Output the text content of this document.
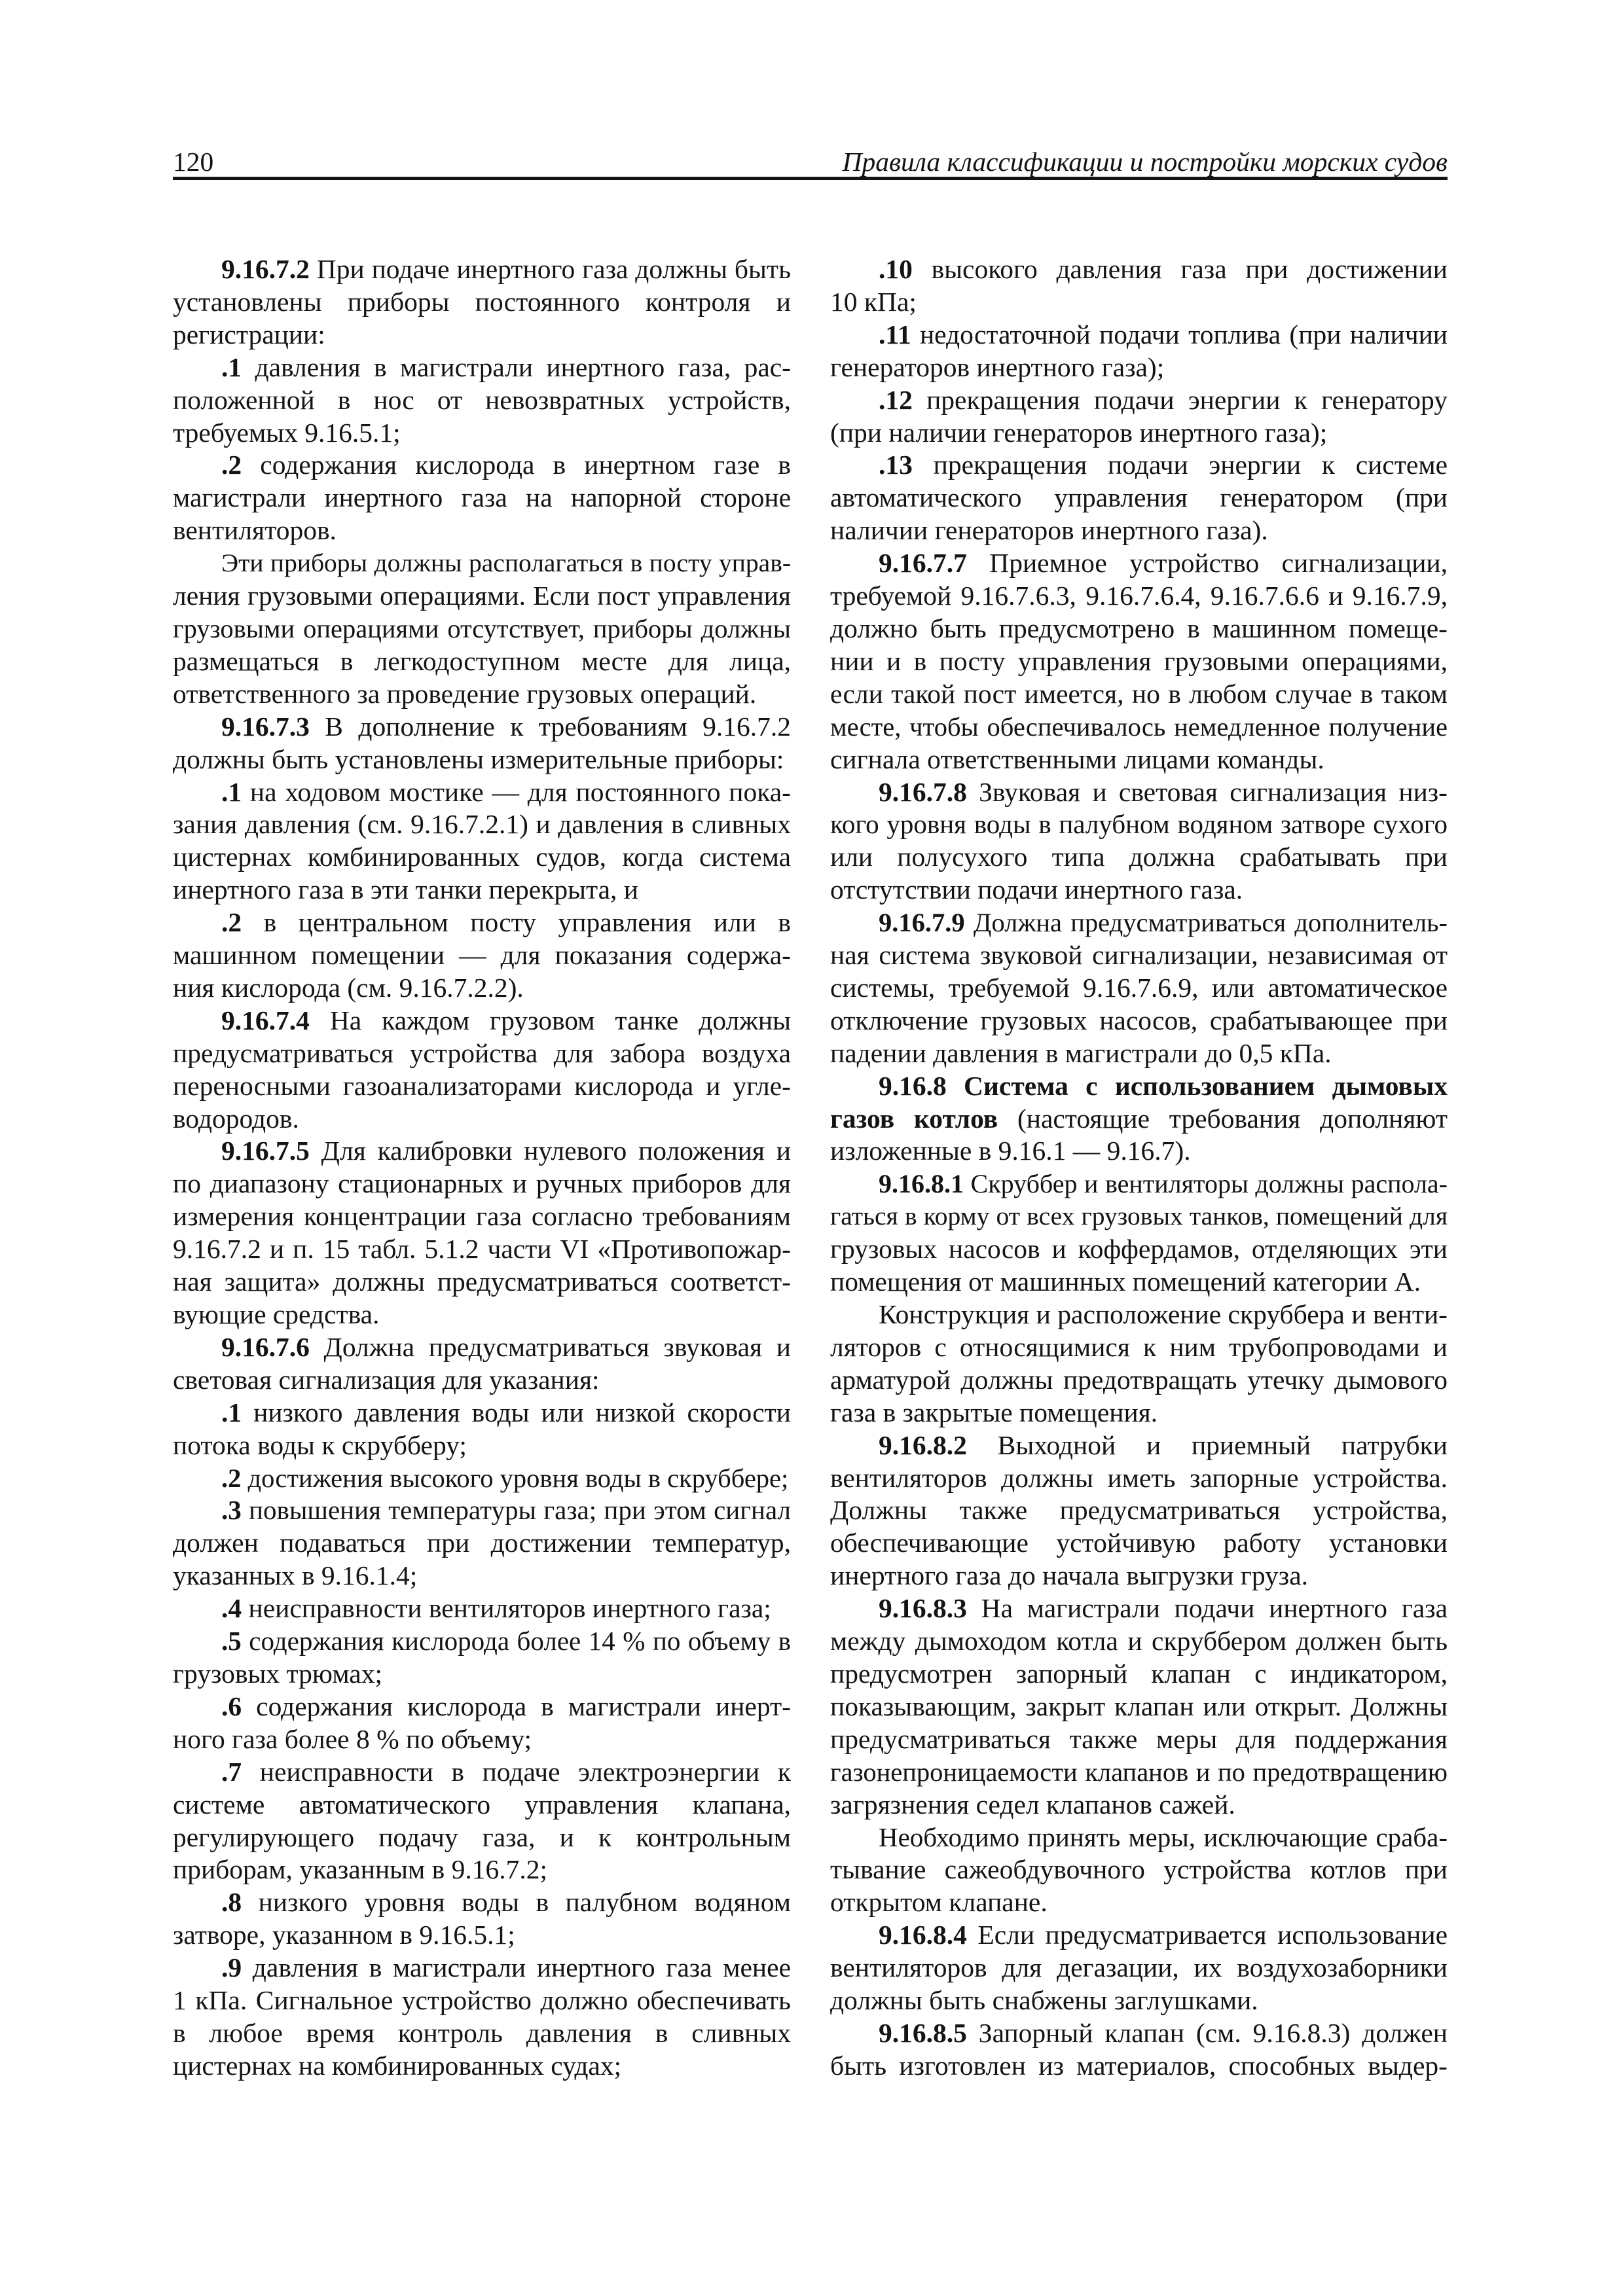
120	Правила классификации и постройки морских судов
9.16.7.2 При подаче инертного газа должны быть
установлены приборы постоянного контроля и
регистрации:
.1 давления в магистрали инертного газа, рас-
положенной в нос от невозвратных устройств,
требуемых 9.16.5.1;
.2 содержания кислорода в инертном газе в
магистрали инертного газа на напорной стороне
вентиляторов.
Эти приборы должны располагаться в посту управ-
ления грузовыми операциями. Если пост управления
грузовыми операциями отсутствует, приборы должны
размещаться в легкодоступном месте для лица,
ответственного за проведение грузовых операций.
9.16.7.3 В дополнение к требованиям 9.16.7.2
должны быть установлены измерительные приборы:
.1 на ходовом мостике — для постоянного пока-
зания давления (см. 9.16.7.2.1) и давления в сливных
цистернах комбинированных судов, когда система
инертного газа в эти танки перекрыта, и
.2 в центральном посту управления или в
машинном помещении — для показания содержа-
ния кислорода (см. 9.16.7.2.2).
9.16.7.4 На каждом грузовом танке должны
предусматриваться устройства для забора воздуха
переносными газоанализаторами кислорода и угле-
водородов.
9.16.7.5 Для калибровки нулевого положения и
по диапазону стационарных и ручных приборов для
измерения концентрации газа согласно требованиям
9.16.7.2 и п. 15 табл. 5.1.2 части VI «Противопожар-
ная защита» должны предусматриваться соответст-
вующие средства.
9.16.7.6 Должна предусматриваться звуковая и
световая сигнализация для указания:
.1 низкого давления воды или низкой скорости
потока воды к скрубберу;
.2 достижения высокого уровня воды в скруббере;
.3 повышения температуры газа; при этом сигнал
должен подаваться при достижении температур,
указанных в 9.16.1.4;
.4 неисправности вентиляторов инертного газа;
.5 содержания кислорода более 14 % по объему в
грузовых трюмах;
.6 содержания кислорода в магистрали инерт-
ного газа более 8 % по объему;
.7 неисправности в подаче электроэнергии к
системе автоматического управления клапана,
регулирующего подачу газа, и к контрольным
приборам, указанным в 9.16.7.2;
.8 низкого уровня воды в палубном водяном
затворе, указанном в 9.16.5.1;
.9 давления в магистрали инертного газа менее
1 кПа. Сигнальное устройство должно обеспечивать
в любое время контроль давления в сливных
цистернах на комбинированных судах;
.10 высокого давления газа при достижении
10 кПа;
.11 недостаточной подачи топлива (при наличии
генераторов инертного газа);
.12 прекращения подачи энергии к генератору
(при наличии генераторов инертного газа);
.13 прекращения подачи энергии к системе
автоматического управления генератором (при
наличии генераторов инертного газа).
9.16.7.7 Приемное устройство сигнализации,
требуемой 9.16.7.6.3, 9.16.7.6.4, 9.16.7.6.6 и 9.16.7.9,
должно быть предусмотрено в машинном помеще-
нии и в посту управления грузовыми операциями,
если такой пост имеется, но в любом случае в таком
месте, чтобы обеспечивалось немедленное получение
сигнала ответственными лицами команды.
9.16.7.8 Звуковая и световая сигнализация низ-
кого уровня воды в палубном водяном затворе сухого
или полусухого типа должна срабатывать при
отстутствии подачи инертного газа.
9.16.7.9 Должна предусматриваться дополнитель-
ная система звуковой сигнализации, независимая от
системы, требуемой 9.16.7.6.9, или автоматическое
отключение грузовых насосов, срабатывающее при
падении давления в магистрали до 0,5 кПа.
9.16.8 Система с использованием дымовых
газов котлов (настоящие требования дополняют
изложенные в 9.16.1 — 9.16.7).
9.16.8.1 Скруббер и вентиляторы должны распола-
гаться в корму от всех грузовых танков, помещений для
грузовых насосов и коффердамов, отделяющих эти
помещения от машинных помещений категории А.
Конструкция и расположение скруббера и венти-
ляторов с относящимися к ним трубопроводами и
арматурой должны предотвращать утечку дымового
газа в закрытые помещения.
9.16.8.2 Выходной и приемный патрубки
вентиляторов должны иметь запорные устройства.
Должны также предусматриваться устройства,
обеспечивающие устойчивую работу установки
инертного газа до начала выгрузки груза.
9.16.8.3 На магистрали подачи инертного газа
между дымоходом котла и скруббером должен быть
предусмотрен запорный клапан с индикатором,
показывающим, закрыт клапан или открыт. Должны
предусматриваться также меры для поддержания
газонепроницаемости клапанов и по предотвращению
загрязнения седел клапанов сажей.
Необходимо принять меры, исключающие сраба-
тывание сажеобдувочного устройства котлов при
открытом клапане.
9.16.8.4 Если предусматривается использование
вентиляторов для дегазации, их воздухозаборники
должны быть снабжены заглушками.
9.16.8.5 Запорный клапан (см. 9.16.8.3) должен
быть изготовлен из материалов, способных выдер-
